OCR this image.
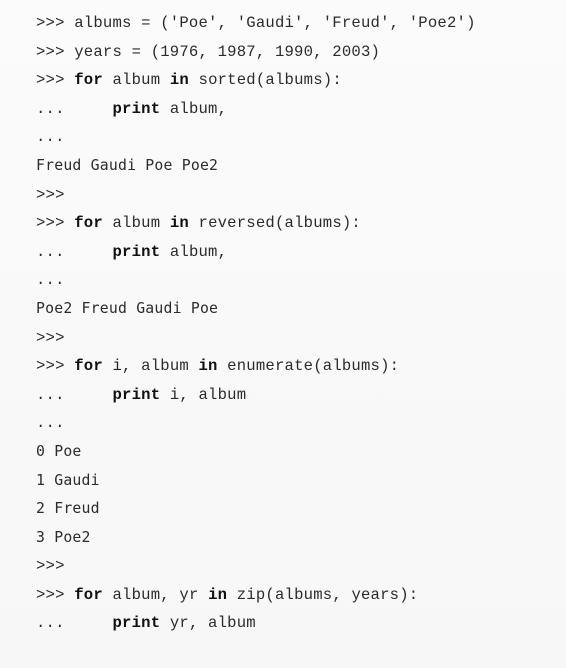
>>> albums = ('Poe', 'Gaudi', 'Freud', 'Poe2')
>>> years = (1976, 1987, 1990, 2003)
>>> for album in sorted(albums):
...     print album,
...
Freud Gaudi Poe Poe2
>>>
>>> for album in reversed(albums):
...     print album,
...
Poe2 Freud Gaudi Poe
>>>
>>> for i, album in enumerate(albums):
...     print i, album
...
0 Poe
1 Gaudi
2 Freud
3 Poe2
>>>
>>> for album, yr in zip(albums, years):
...     print yr, album
